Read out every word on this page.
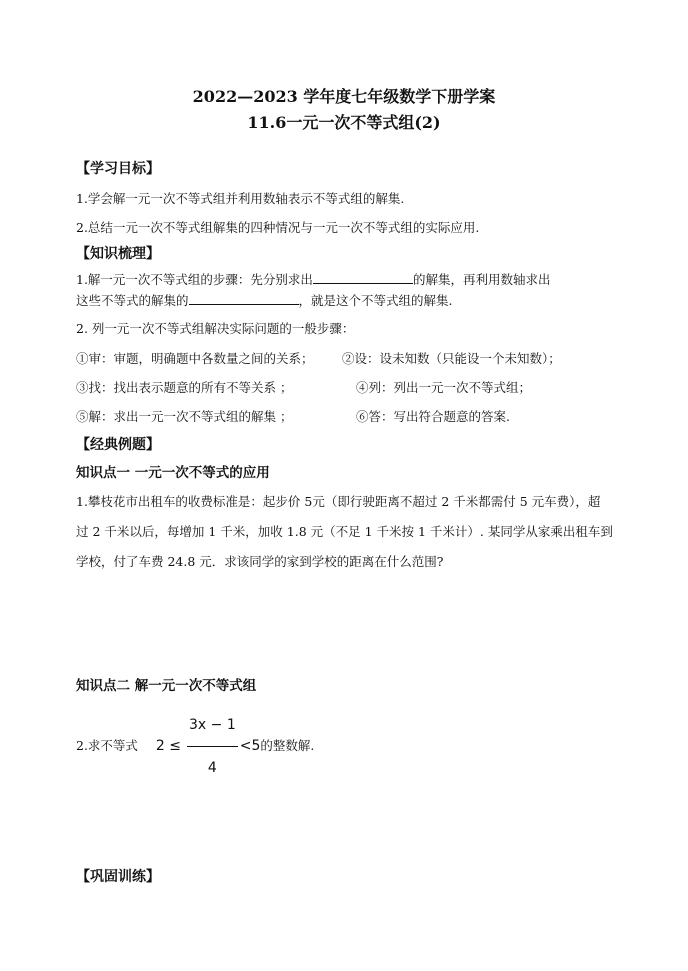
2022—2023 学年度七年级数学下册学案
11.6一元一次不等式组(2)
【学习目标】
1.学会解一元一次不等式组并利用数轴表示不等式组的解集.
2.总结一元一次不等式组解集的四种情况与一元一次不等式组的实际应用.
【知识梳理】
1.解一元一次不等式组的步骤：先分别求出	的解集，再利用数轴求出
这些不等式的解集的	，就是这个不等式组的解集.
2. 列一元一次不等式组解决实际问题的一般步骤：
①审：审题，明确题中各数量之间的关系； ②设：设未知数（只能设一个未知数）；
③找：找出表示题意的所有不等关系 ；	④列：列出一元一次不等式组；
⑤解：求出一元一次不等式组的解集 ；	⑥答：写出符合题意的答案.
【经典例题】
知识点一 一元一次不等式的应用
1.攀枝花市出租车的收费标准是：起步价 5元（即行驶距离不超过 2 千米都需付 5 元车费），超
过 2 千米以后，每增加 1 千米，加收 1.8 元（不足 1 千米按 1 千米计）. 某同学从家乘出租车到
学校，付了车费 24.8 元．求该同学的家到学校的距离在什么范围?
知识点二 解一元一次不等式组
2.求不等式 $2 \le \frac{3x - 1}{4} <5$的整数解.
【巩固训练】
